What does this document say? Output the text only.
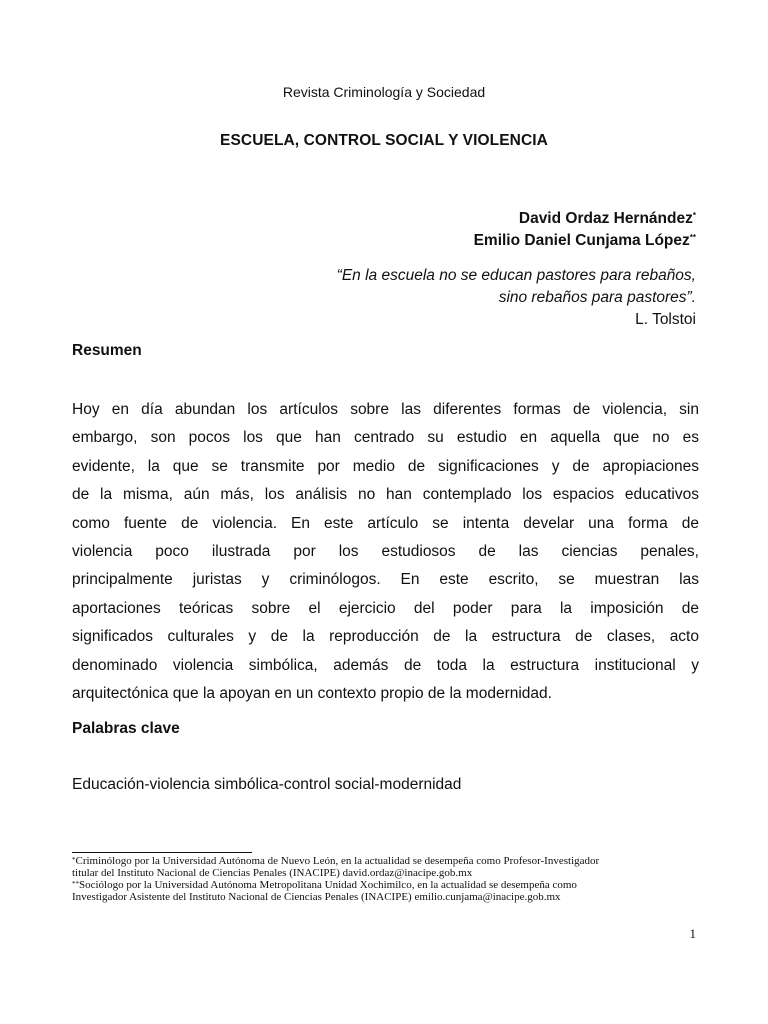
Revista Criminología y Sociedad
ESCUELA, CONTROL SOCIAL Y VIOLENCIA
David Ordaz Hernández*
Emilio Daniel Cunjama López**
“En la escuela no se educan pastores para rebaños,
sino rebaños para pastores”.
L. Tolstoi
Resumen
Hoy en día abundan los artículos sobre las diferentes formas de violencia, sin
embargo, son pocos los que han centrado su estudio en aquella que no es
evidente, la que se transmite por medio de significaciones y de apropiaciones
de la misma, aún más, los análisis no han contemplado los espacios educativos
como fuente de violencia. En este artículo se intenta develar una forma de
violencia poco ilustrada por los estudiosos de las ciencias penales,
principalmente juristas y criminólogos. En este escrito, se muestran las
aportaciones teóricas sobre el ejercicio del poder para la imposición de
significados culturales y de la reproducción de la estructura de clases, acto
denominado violencia simbólica, además de toda la estructura institucional y
arquitectónica que la apoyan en un contexto propio de la modernidad.
Palabras clave
Educación-violencia simbólica-control social-modernidad
*Criminólogo por la Universidad Autónoma de Nuevo León, en la actualidad se desempeña como Profesor-Investigador
titular del Instituto Nacional de Ciencias Penales (INACIPE) david.ordaz@inacipe.gob.mx
**Sociólogo por la Universidad Autónoma Metropolitana Unidad Xochimilco, en la actualidad se desempeña como
Investigador Asistente del Instituto Nacional de Ciencias Penales (INACIPE) emilio.cunjama@inacipe.gob.mx
1
